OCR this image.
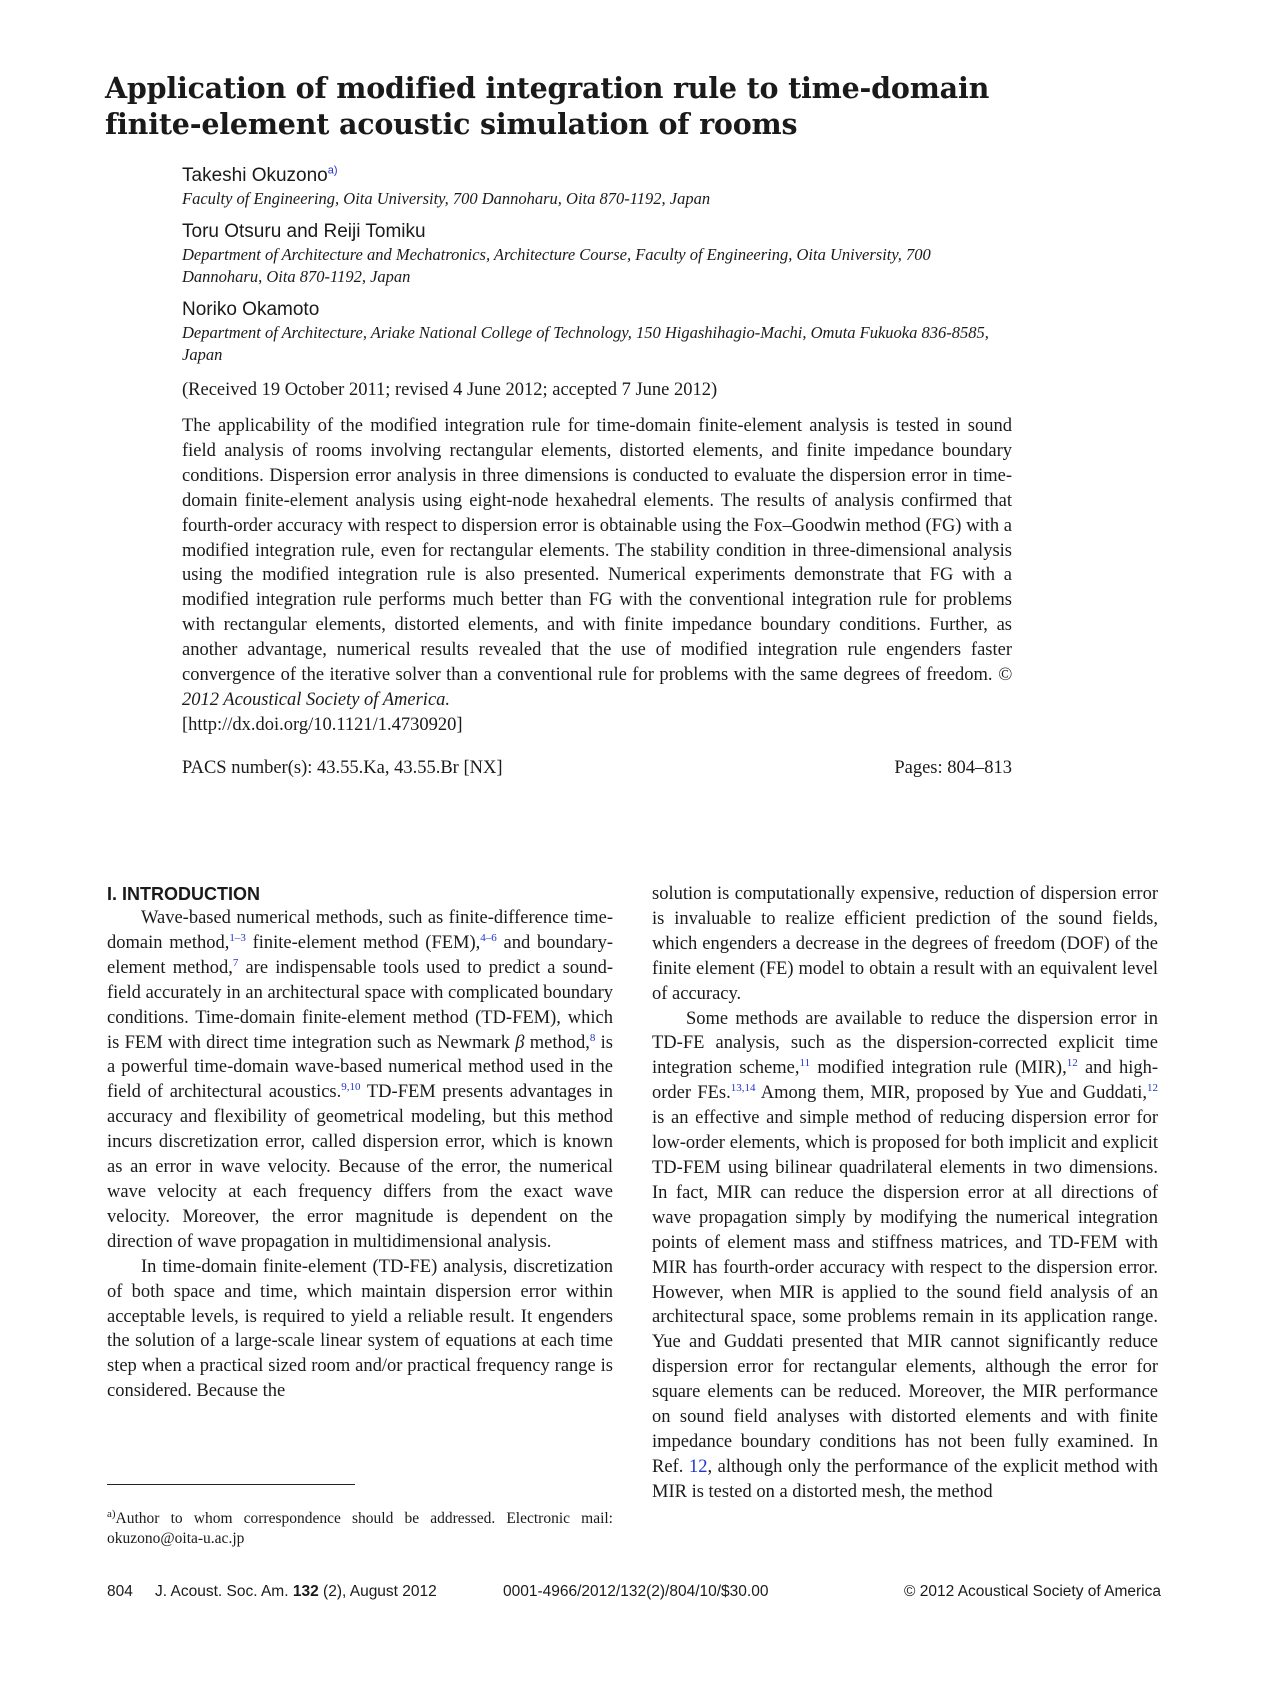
Application of modified integration rule to time-domain
finite-element acoustic simulation of rooms

Takeshi Okuzono$^{a)}$

Faculty of Engineering, Oita University, 700 Dannoharu, Oita 870-1192, Japan

Toru Otsuru and Reiji Tomiku

Department of Architecture and Mechatronics, Architecture Course, Faculty of Engineering, Oita University, 700 Dannoharu, Oita 870-1192, Japan

Noriko Okamoto

Department of Architecture, Ariake National College of Technology, 150 Higashihagio-Machi, Omuta Fukuoka 836-8585, Japan

(Received 19 October 2011; revised 4 June 2012; accepted 7 June 2012)

The applicability of the modified integration rule for time-domain finite-element analysis is tested in sound field analysis of rooms involving rectangular elements, distorted elements, and finite impedance boundary conditions. Dispersion error analysis in three dimensions is conducted to evaluate the dispersion error in time-domain finite-element analysis using eight-node hexahedral elements. The results of analysis confirmed that fourth-order accuracy with respect to dispersion error is obtainable using the Fox–Goodwin method (FG) with a modified integration rule, even for rectangular elements. The stability condition in three-dimensional analysis using the modified integration rule is also presented. Numerical experiments demonstrate that FG with a modified integration rule performs much better than FG with the conventional integration rule for problems with rectangular elements, distorted elements, and with finite impedance boundary conditions. Further, as another advantage, numerical results revealed that the use of modified integration rule engenders faster convergence of the iterative solver than a conventional rule for problems with the same degrees of freedom. © 2012 Acoustical Society of America.
[http://dx.doi.org/10.1121/1.4730920]

PACS number(s): 43.55.Ka, 43.55.Br [NX]	Pages: 804–813

I. INTRODUCTION

Wave-based numerical methods, such as finite-difference time-domain method,$^{1-3}$ finite-element method (FEM),$^{4-6}$ and boundary-element method,$^7$ are indispensable tools used to predict a sound-field accurately in an architectural space with complicated boundary conditions. Time-domain finite-element method (TD-FEM), which is FEM with direct time integration such as Newmark β method,$^8$ is a powerful time-domain wave-based numerical method used in the field of architectural acoustics.$^{9,10}$ TD-FEM presents advantages in accuracy and flexibility of geometrical modeling, but this method incurs discretization error, called dispersion error, which is known as an error in wave velocity. Because of the error, the numerical wave velocity at each frequency differs from the exact wave velocity. Moreover, the error magnitude is dependent on the direction of wave propagation in multidimensional analysis.

In time-domain finite-element (TD-FE) analysis, discretization of both space and time, which maintain dispersion error within acceptable levels, is required to yield a reliable result. It engenders the solution of a large-scale linear system of equations at each time step when a practical sized room and/or practical frequency range is considered. Because the

solution is computationally expensive, reduction of dispersion error is invaluable to realize efficient prediction of the sound fields, which engenders a decrease in the degrees of freedom (DOF) of the finite element (FE) model to obtain a result with an equivalent level of accuracy.

Some methods are available to reduce the dispersion error in TD-FE analysis, such as the dispersion-corrected explicit time integration scheme,$^{11}$ modified integration rule (MIR),$^{12}$ and high-order FEs.$^{13,14}$ Among them, MIR, proposed by Yue and Guddati,$^{12}$ is an effective and simple method of reducing dispersion error for low-order elements, which is proposed for both implicit and explicit TD-FEM using bilinear quadrilateral elements in two dimensions. In fact, MIR can reduce the dispersion error at all directions of wave propagation simply by modifying the numerical integration points of element mass and stiffness matrices, and TD-FEM with MIR has fourth-order accuracy with respect to the dispersion error. However, when MIR is applied to the sound field analysis of an architectural space, some problems remain in its application range. Yue and Guddati presented that MIR cannot significantly reduce dispersion error for rectangular elements, although the error for square elements can be reduced. Moreover, the MIR performance on sound field analyses with distorted elements and with finite impedance boundary conditions has not been fully examined. In Ref. 12, although only the performance of the explicit method with MIR is tested on a distorted mesh, the method

$^{a)}$Author to whom correspondence should be addressed. Electronic mail: okuzono@oita-u.ac.jp
804 J. Acoust. Soc. Am. 132 (2), August 2012	0001-4966/2012/132(2)/804/10/$30.00	© 2012 Acoustical Society of America
